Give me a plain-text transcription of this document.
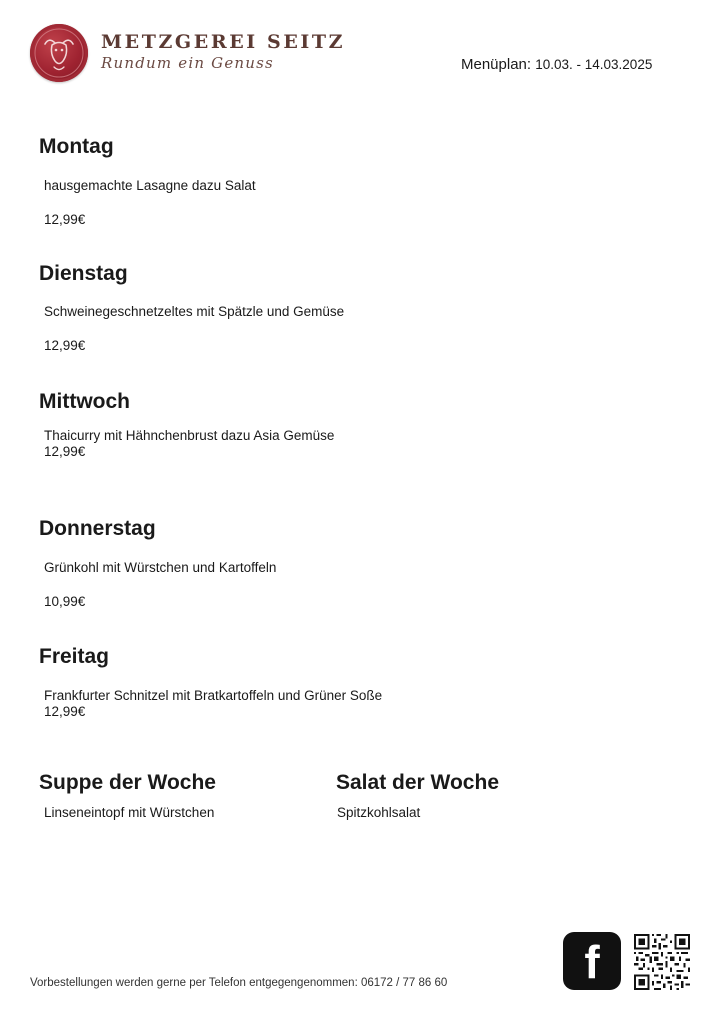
METZGEREI SEITZ
Rundum ein Genuss	Menüplan: 10.03. - 14.03.2025
Montag
hausgemachte Lasagne dazu Salat
12,99€
Dienstag
Schweinegeschnetzeltes mit Spätzle und Gemüse
12,99€
Mittwoch
Thaicurry mit Hähnchenbrust dazu Asia Gemüse
12,99€
Donnerstag
Grünkohl mit Würstchen und Kartoffeln
10,99€
Freitag
Frankfurter Schnitzel mit Bratkartoffeln und Grüner Soße
12,99€
Suppe der Woche
Linseneintopf mit Würstchen
Salat der Woche
Spitzkohlsalat
Vorbestellungen werden gerne per Telefon entgegengenommen: 06172 / 77 86 60	f
